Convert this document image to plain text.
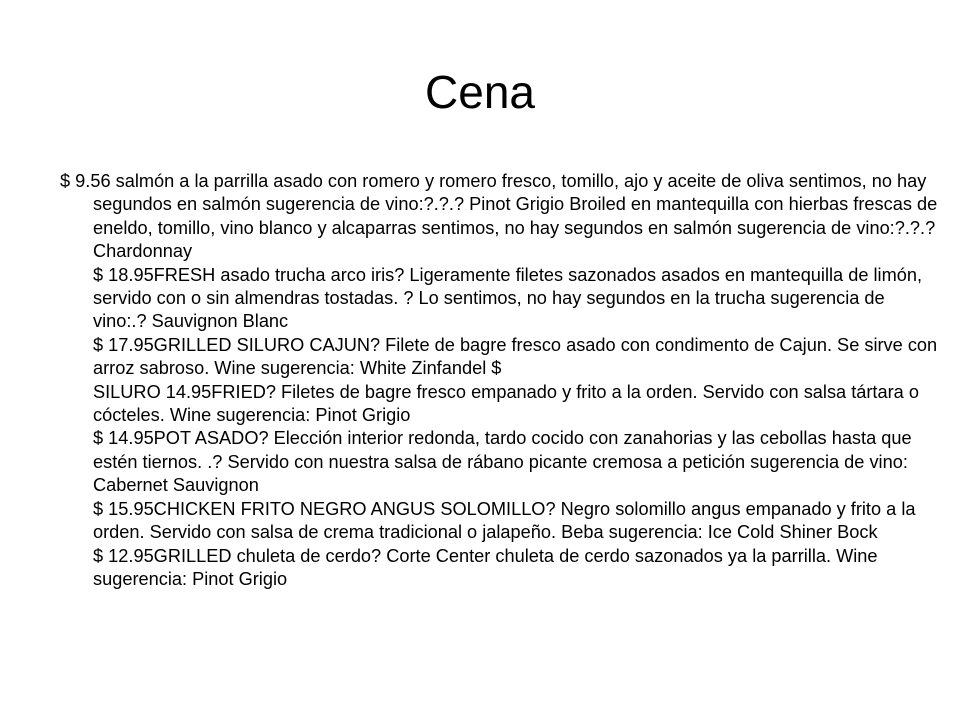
Cena

$ 9.56 salmón a la parrilla asado con romero y romero fresco, tomillo, ajo y aceite de oliva sentimos, no hay segundos en salmón sugerencia de vino:?.?.? Pinot Grigio Broiled en mantequilla con hierbas frescas de eneldo, tomillo, vino blanco y alcaparras sentimos, no hay segundos en salmón sugerencia de vino:?.?.? Chardonnay
$ 18.95FRESH asado trucha arco iris? Ligeramente filetes sazonados asados en mantequilla de limón, servido con o sin almendras tostadas. ? Lo sentimos, no hay segundos en la trucha sugerencia de vino:.? Sauvignon Blanc
$ 17.95GRILLED SILURO CAJUN? Filete de bagre fresco asado con condimento de Cajun. Se sirve con arroz sabroso. Wine sugerencia: White Zinfandel $
SILURO 14.95FRIED? Filetes de bagre fresco empanado y frito a la orden. Servido con salsa tártara o cócteles. Wine sugerencia: Pinot Grigio
$ 14.95POT ASADO? Elección interior redonda, tardo cocido con zanahorias y las cebollas hasta que estén tiernos. .? Servido con nuestra salsa de rábano picante cremosa a petición sugerencia de vino: Cabernet Sauvignon
$ 15.95CHICKEN FRITO NEGRO ANGUS SOLOMILLO? Negro solomillo angus empanado y frito a la orden. Servido con salsa de crema tradicional o jalapeño. Beba sugerencia: Ice Cold Shiner Bock
$ 12.95GRILLED chuleta de cerdo? Corte Center chuleta de cerdo sazonados ya la parrilla. Wine sugerencia: Pinot Grigio
